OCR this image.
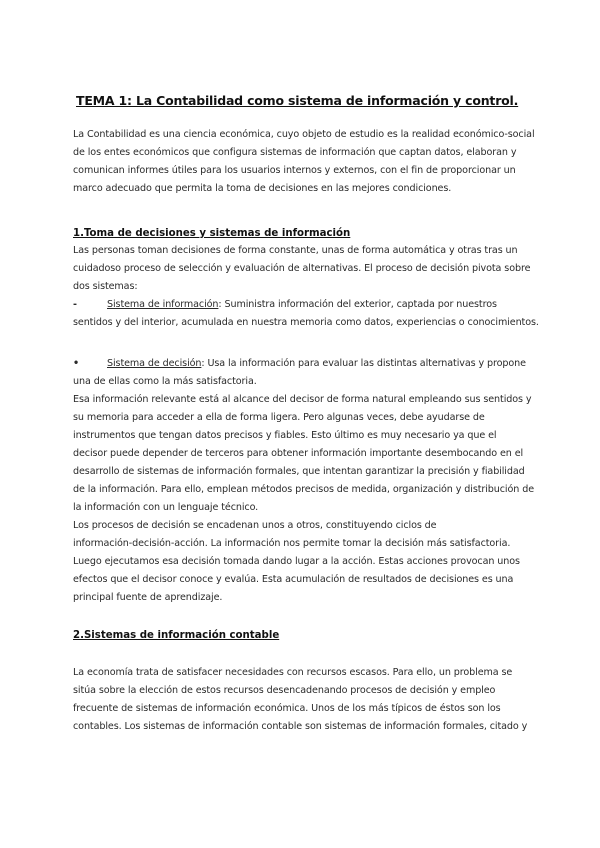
TEMA 1: La Contabilidad como sistema de información y control.
La Contabilidad es una ciencia económica, cuyo objeto de estudio es la realidad económico-social
de los entes económicos que configura sistemas de información que captan datos, elaboran y
comunican informes útiles para los usuarios internos y externos, con el fin de proporcionar un
marco adecuado que permita la toma de decisiones en las mejores condiciones.
1.Toma de decisiones y sistemas de información
Las personas toman decisiones de forma constante, unas de forma automática y otras tras un
cuidadoso proceso de selección y evaluación de alternativas. El proceso de decisión pivota sobre
dos sistemas:
-	Sistema de información: Suministra información del exterior, captada por nuestros
sentidos y del interior, acumulada en nuestra memoria como datos, experiencias o conocimientos.
•	Sistema de decisión: Usa la información para evaluar las distintas alternativas y propone
una de ellas como la más satisfactoria.
Esa información relevante está al alcance del decisor de forma natural empleando sus sentidos y
su memoria para acceder a ella de forma ligera. Pero algunas veces, debe ayudarse de
instrumentos que tengan datos precisos y fiables. Esto último es muy necesario ya que el
decisor puede depender de terceros para obtener información importante desembocando en el
desarrollo de sistemas de información formales, que intentan garantizar la precisión y fiabilidad
de la información. Para ello, emplean métodos precisos de medida, organización y distribución de
la información con un lenguaje técnico.
Los procesos de decisión se encadenan unos a otros, constituyendo ciclos de
información-decisión-acción. La información nos permite tomar la decisión más satisfactoria.
Luego ejecutamos esa decisión tomada dando lugar a la acción. Estas acciones provocan unos
efectos que el decisor conoce y evalúa. Esta acumulación de resultados de decisiones es una
principal fuente de aprendizaje.
2.Sistemas de información contable
La economía trata de satisfacer necesidades con recursos escasos. Para ello, un problema se
sitúa sobre la elección de estos recursos desencadenando procesos de decisión y empleo
frecuente de sistemas de información económica. Unos de los más típicos de éstos son los
contables. Los sistemas de información contable son sistemas de información formales, citado y
